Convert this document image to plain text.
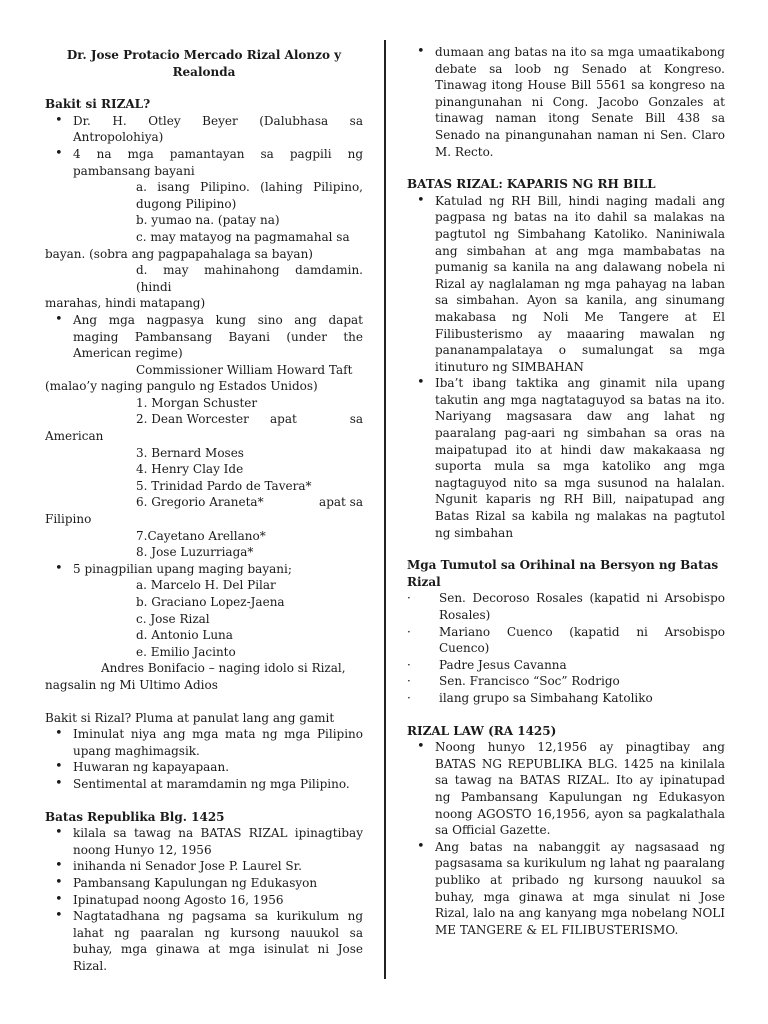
Dr. Jose Protacio Mercado Rizal Alonzo y Realonda

Bakit si RIZAL?

• Dr. H. Otley Beyer (Dalubhasa sa Antropolohiya)
• 4 na mga pamantayan sa pagpili ng pambansang bayani
a. isang Pilipino. (lahing Pilipino, dugong Pilipino)
b. yumao na. (patay na)
c. may matayog na pagmamahal sa
bayan. (sobra ang pagpapahalaga sa bayan)
d. may mahinahong damdamin. (hindi
marahas, hindi matapang)
• Ang mga nagpasya kung sino ang dapat maging Pambansang Bayani (under the American regime)
Commissioner William Howard Taft
(malao’y naging pangulo ng Estados Unidos)
1. Morgan Schuster
2. Dean Worcester apat	sa
American
3. Bernard Moses
4. Henry Clay Ide
5. Trinidad Pardo de Tavera*
6. Gregorio Araneta*	apat sa
Filipino
7.Cayetano Arellano*
8. Jose Luzurriaga*
• 5 pinagpilian upang maging bayani;
a. Marcelo H. Del Pilar
b. Graciano Lopez-Jaena
c. Jose Rizal
d. Antonio Luna
e. Emilio Jacinto
Andres Bonifacio – naging idolo si Rizal,
nagsalin ng Mi Ultimo Adios

Bakit si Rizal? Pluma at panulat lang ang gamit

• Iminulat niya ang mga mata ng mga Pilipino upang maghimagsik.
• Huwaran ng kapayapaan.
• Sentimental at maramdamin ng mga Pilipino.

Batas Republika Blg. 1425

• kilala sa tawag na BATAS RIZAL ipinagtibay noong Hunyo 12, 1956
• inihanda ni Senador Jose P. Laurel Sr.
• Pambansang Kapulungan ng Edukasyon
• Ipinatupad noong Agosto 16, 1956
• Nagtatadhana ng pagsama sa kurikulum ng lahat ng paaralan ng kursong nauukol sa buhay, mga ginawa at mga isinulat ni Jose Rizal.
• dumaan ang batas na ito sa mga umaatikabong debate sa loob ng Senado at Kongreso. Tinawag itong House Bill 5561 sa kongreso na pinangunahan ni Cong. Jacobo Gonzales at tinawag naman itong Senate Bill 438 sa Senado na pinangunahan naman ni Sen. Claro M. Recto.

BATAS RIZAL: KAPARIS NG RH BILL

• Katulad ng RH Bill, hindi naging madali ang pagpasa ng batas na ito dahil sa malakas na pagtutol ng Simbahang Katoliko. Naniniwala ang simbahan at ang mga mambabatas na pumanig sa kanila na ang dalawang nobela ni Rizal ay naglalaman ng mga pahayag na laban sa simbahan. Ayon sa kanila, ang sinumang makabasa ng Noli Me Tangere at El Filibusterismo ay maaaring mawalan ng pananampalataya o sumalungat sa mga itinuturo ng SIMBAHAN
• Iba’t ibang taktika ang ginamit nila upang takutin ang mga nagtataguyod sa batas na ito. Nariyang magsasara daw ang lahat ng paaralang pag-aari ng simbahan sa oras na maipatupad ito at hindi daw makakaasa ng suporta mula sa mga katoliko ang mga nagtaguyod nito sa mga susunod na halalan. Ngunit kaparis ng RH Bill, naipatupad ang Batas Rizal sa kabila ng malakas na pagtutol ng simbahan

Mga Tumutol sa Orihinal na Bersyon ng Batas Rizal

· Sen. Decoroso Rosales (kapatid ni Arsobispo Rosales)
· Mariano Cuenco (kapatid ni Arsobispo Cuenco)
· Padre Jesus Cavanna
· Sen. Francisco “Soc” Rodrigo
· ilang grupo sa Simbahang Katoliko

RIZAL LAW (RA 1425)

• Noong hunyo 12,1956 ay pinagtibay ang BATAS NG REPUBLIKA BLG. 1425 na kinilala sa tawag na BATAS RIZAL. Ito ay ipinatupad ng Pambansang Kapulungan ng Edukasyon noong AGOSTO 16,1956, ayon sa pagkalathala sa Official Gazette.
• Ang batas na nabanggit ay nagsasaad ng pagsasama sa kurikulum ng lahat ng paaralang publiko at pribado ng kursong nauukol sa buhay, mga ginawa at mga sinulat ni Jose Rizal, lalo na ang kanyang mga nobelang NOLI ME TANGERE & EL FILIBUSTERISMO.
